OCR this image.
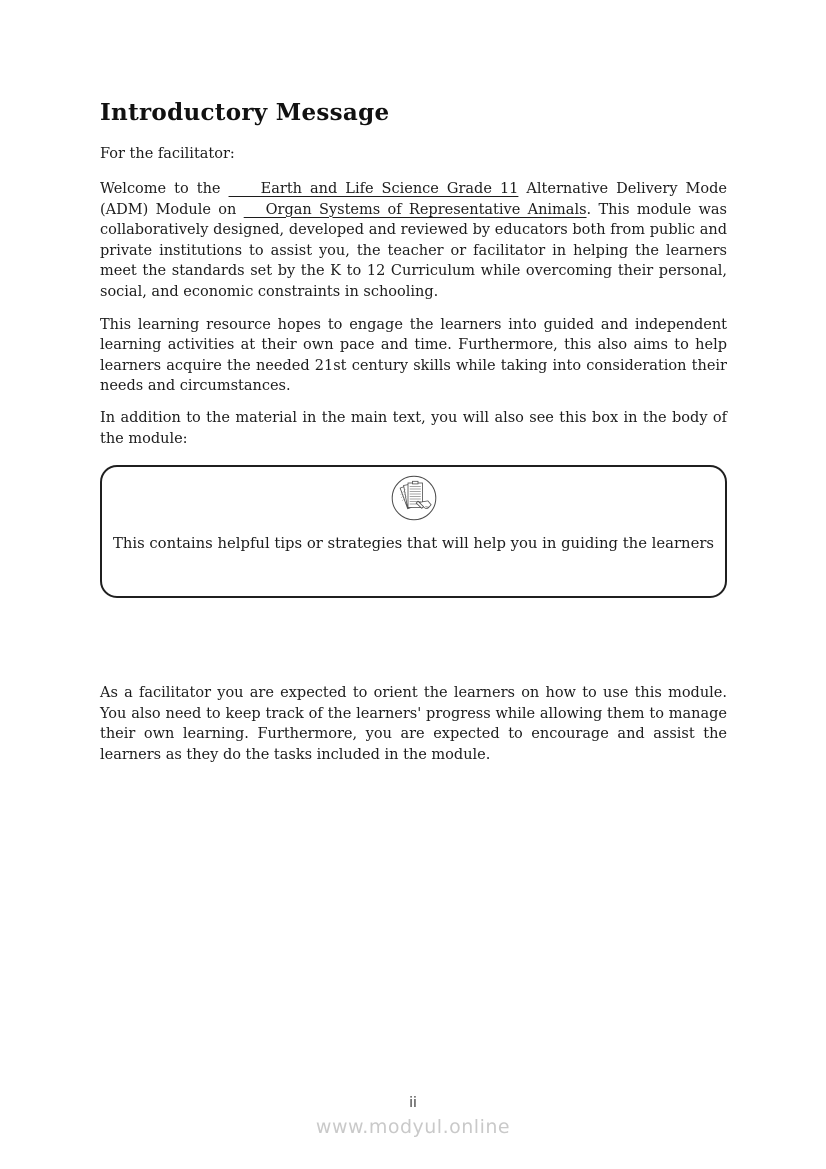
Introductory Message
For the facilitator:

Welcome to the     Earth and Life Science Grade 11 Alternative Delivery Mode (ADM) Module on    Organ Systems of Representative Animals. This module was collaboratively designed, developed and reviewed by educators both from public and private institutions to assist you, the teacher or facilitator in helping the learners meet the standards set by the K to 12 Curriculum while overcoming their personal, social, and economic constraints in schooling.

This learning resource hopes to engage the learners into guided and independent learning activities at their own pace and time. Furthermore, this also aims to help learners acquire the needed 21st century skills while taking into consideration their needs and circumstances.

In addition to the material in the main text, you will also see this box in the body of the module:

This contains helpful tips or strategies that will help you in guiding the learners

As a facilitator you are expected to orient the learners on how to use this module. You also need to keep track of the learners' progress while allowing them to manage their own learning. Furthermore, you are expected to encourage and assist the learners as they do the tasks included in the module.

ii
www.modyul.online
